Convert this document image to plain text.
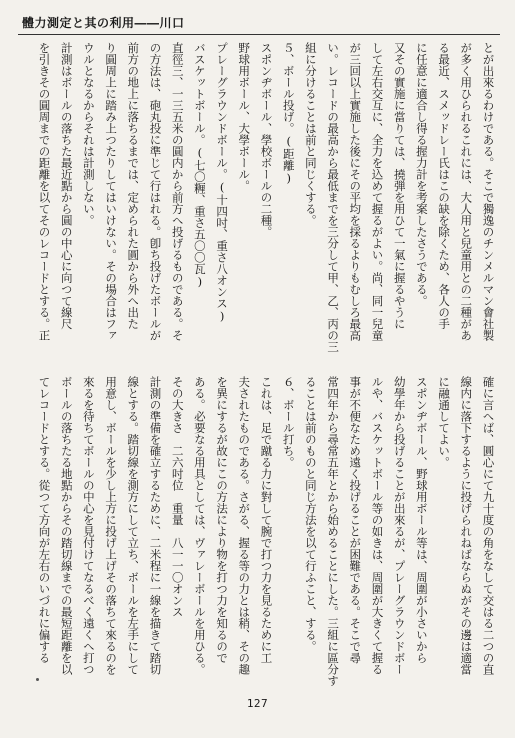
體力測定と其の利用――川口
とが出來るわけである。そこで獨逸のチンメルマン會社製
が多く用ひられるこれには、大人用と兒童用との二種があ
る最近、スメッドレー氏はこの缺を除くため、各人の手
に任意に適合し得る握力計を考案したさうである。
又その實施に當りては、撓弾を用ひて一氣に握るやうに
して左右交互に、全力を込めて握るがよい。尚、同一兒童
が三回以上實施した後にその平均を採るよりもむしろ最高
い。レコードの最高から最低までを三分して甲、乙、丙の三
組に分けることは前と同じくする。
５、ボール投げ。(距離)
スポンヂボール、學校ボールの二種。
野球用ボール、大學ボール。
プレーグラウンドボール。(十四吋、重さ八オンス)
バスケットボール。(七〇糎、重さ五〇〇瓦)
直徑三、一三五米の圓内から前方へ投げるものである。そ
の方法は、砲丸投に準じて行はれる。卽ち投げたボールが
前方の地上に落ちるまでは、定められた圓から外へ出た
り圓周上に踏み上つたりしてはいけない。その場合はファ
ウルとなるからそれは計測しない。
計測はボールの落ちた最近點から圓の中心に向つて線尺
を引きその圓周までの距離を以てそのレコードとする。正
確に言へば、圓心にて九十度の角をなして交はる二つの直
線内に落下するように投げられねばならぬがその邊は適當
に融通してよい。
スポンヂボール、野球用ボール等は、周圍が小さいから
幼學年から投げることが出來るが、プレーグラウンドボー
ルや、バスケットボール等の如きは、周圍が大きくて握る
事が不便なため遠く投げることが困難である。そこで尋
常四年から尋常五年とから始めることにした。三組に區分す
ることは前のものと同じ方法を以て行ふこと、する。
６、ボール打ち。
これは、足で蹴る力に對して腕で打つ力を見るために工
夫されたものである。さがる、握る等の力とは稍、その趣
を異にするが故にこの方法により物を打つ力を知るので
ある。必要なる用具としては、ヴァレーボールを用ひる。
その大きさ　二六吋位　重量　八一一〇オンス
計測の準備を確立するために、二米程に一線を描きて踏切
線とする。踏切線を測方にして立ち、ボールを左手にして
用意し、ボールを少し上方に投げ上げその落ちて來るのを
來るを待ちてボールの中心を見付けてなるべく遠くへ打つ
ボールの落ちたる地點からその踏切線までの最短距離を以
てレコードとする。從つて方向が左右のいづれに偏する
127
